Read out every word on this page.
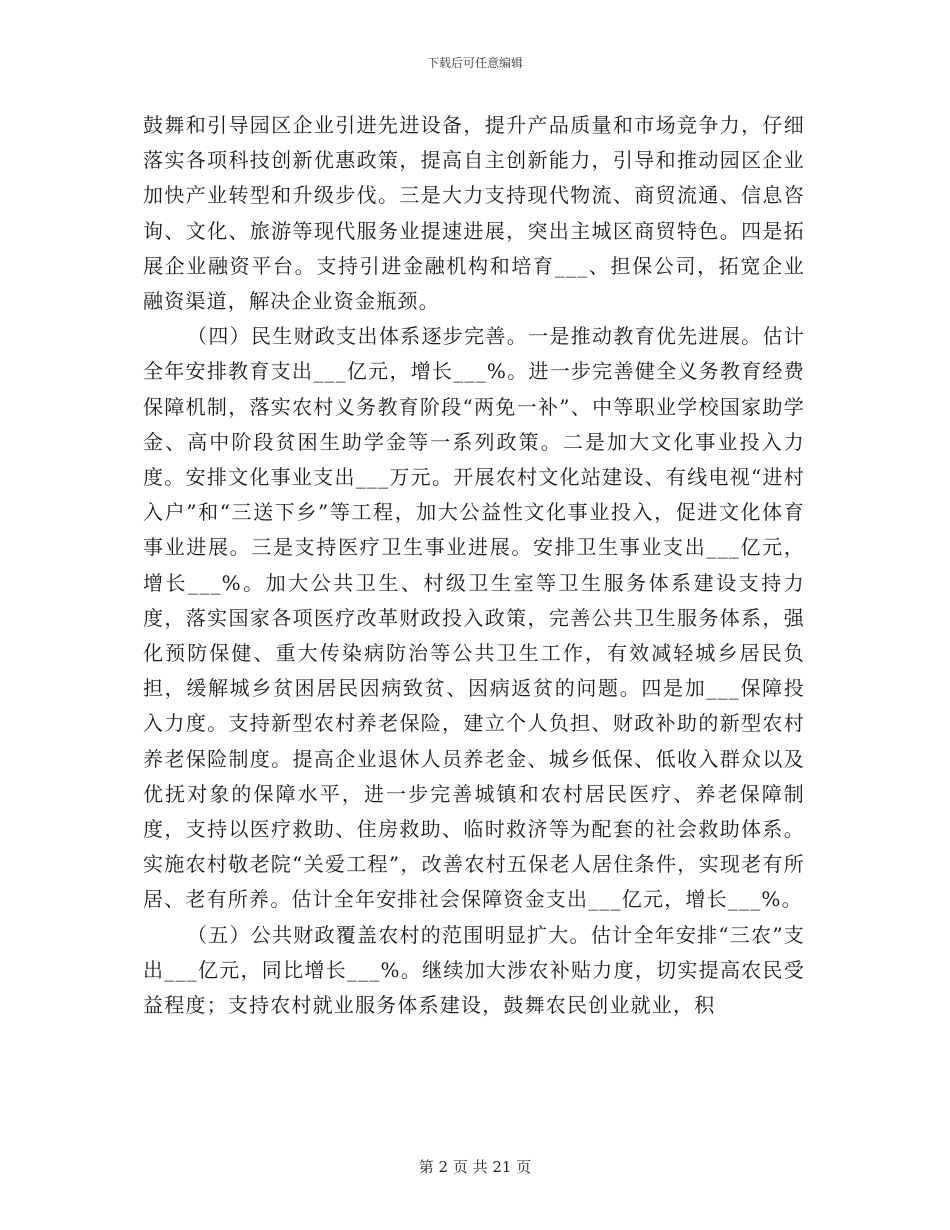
下载后可任意编辑

鼓舞和引导园区企业引进先进设备，提升产品质量和市场竞争力，仔细落实各项科技创新优惠政策，提高自主创新能力，引导和推动园区企业加快产业转型和升级步伐。三是大力支持现代物流、商贸流通、信息咨询、文化、旅游等现代服务业提速进展，突出主城区商贸特色。四是拓展企业融资平台。支持引进金融机构和培育___、担保公司，拓宽企业融资渠道，解决企业资金瓶颈。

（四）民生财政支出体系逐步完善。一是推动教育优先进展。估计全年安排教育支出___亿元，增长___%。进一步完善健全义务教育经费保障机制，落实农村义务教育阶段“两免一补”、中等职业学校国家助学金、高中阶段贫困生助学金等一系列政策。二是加大文化事业投入力度。安排文化事业支出___万元。开展农村文化站建设、有线电视“进村入户”和“三送下乡”等工程，加大公益性文化事业投入，促进文化体育事业进展。三是支持医疗卫生事业进展。安排卫生事业支出___亿元，增长___%。加大公共卫生、村级卫生室等卫生服务体系建设支持力度，落实国家各项医疗改革财政投入政策，完善公共卫生服务体系，强化预防保健、重大传染病防治等公共卫生工作，有效减轻城乡居民负担，缓解城乡贫困居民因病致贫、因病返贫的问题。四是加___保障投入力度。支持新型农村养老保险，建立个人负担、财政补助的新型农村养老保险制度。提高企业退休人员养老金、城乡低保、低收入群众以及优抚对象的保障水平，进一步完善城镇和农村居民医疗、养老保障制度，支持以医疗救助、住房救助、临时救济等为配套的社会救助体系。实施农村敬老院“关爱工程”，改善农村五保老人居住条件，实现老有所居、老有所养。估计全年安排社会保障资金支出___亿元，增长___%。

（五）公共财政覆盖农村的范围明显扩大。估计全年安排“三农”支出___亿元，同比增长___%。继续加大涉农补贴力度，切实提高农民受益程度；支持农村就业服务体系建设，鼓舞农民创业就业，积

第 2 页 共 21 页
